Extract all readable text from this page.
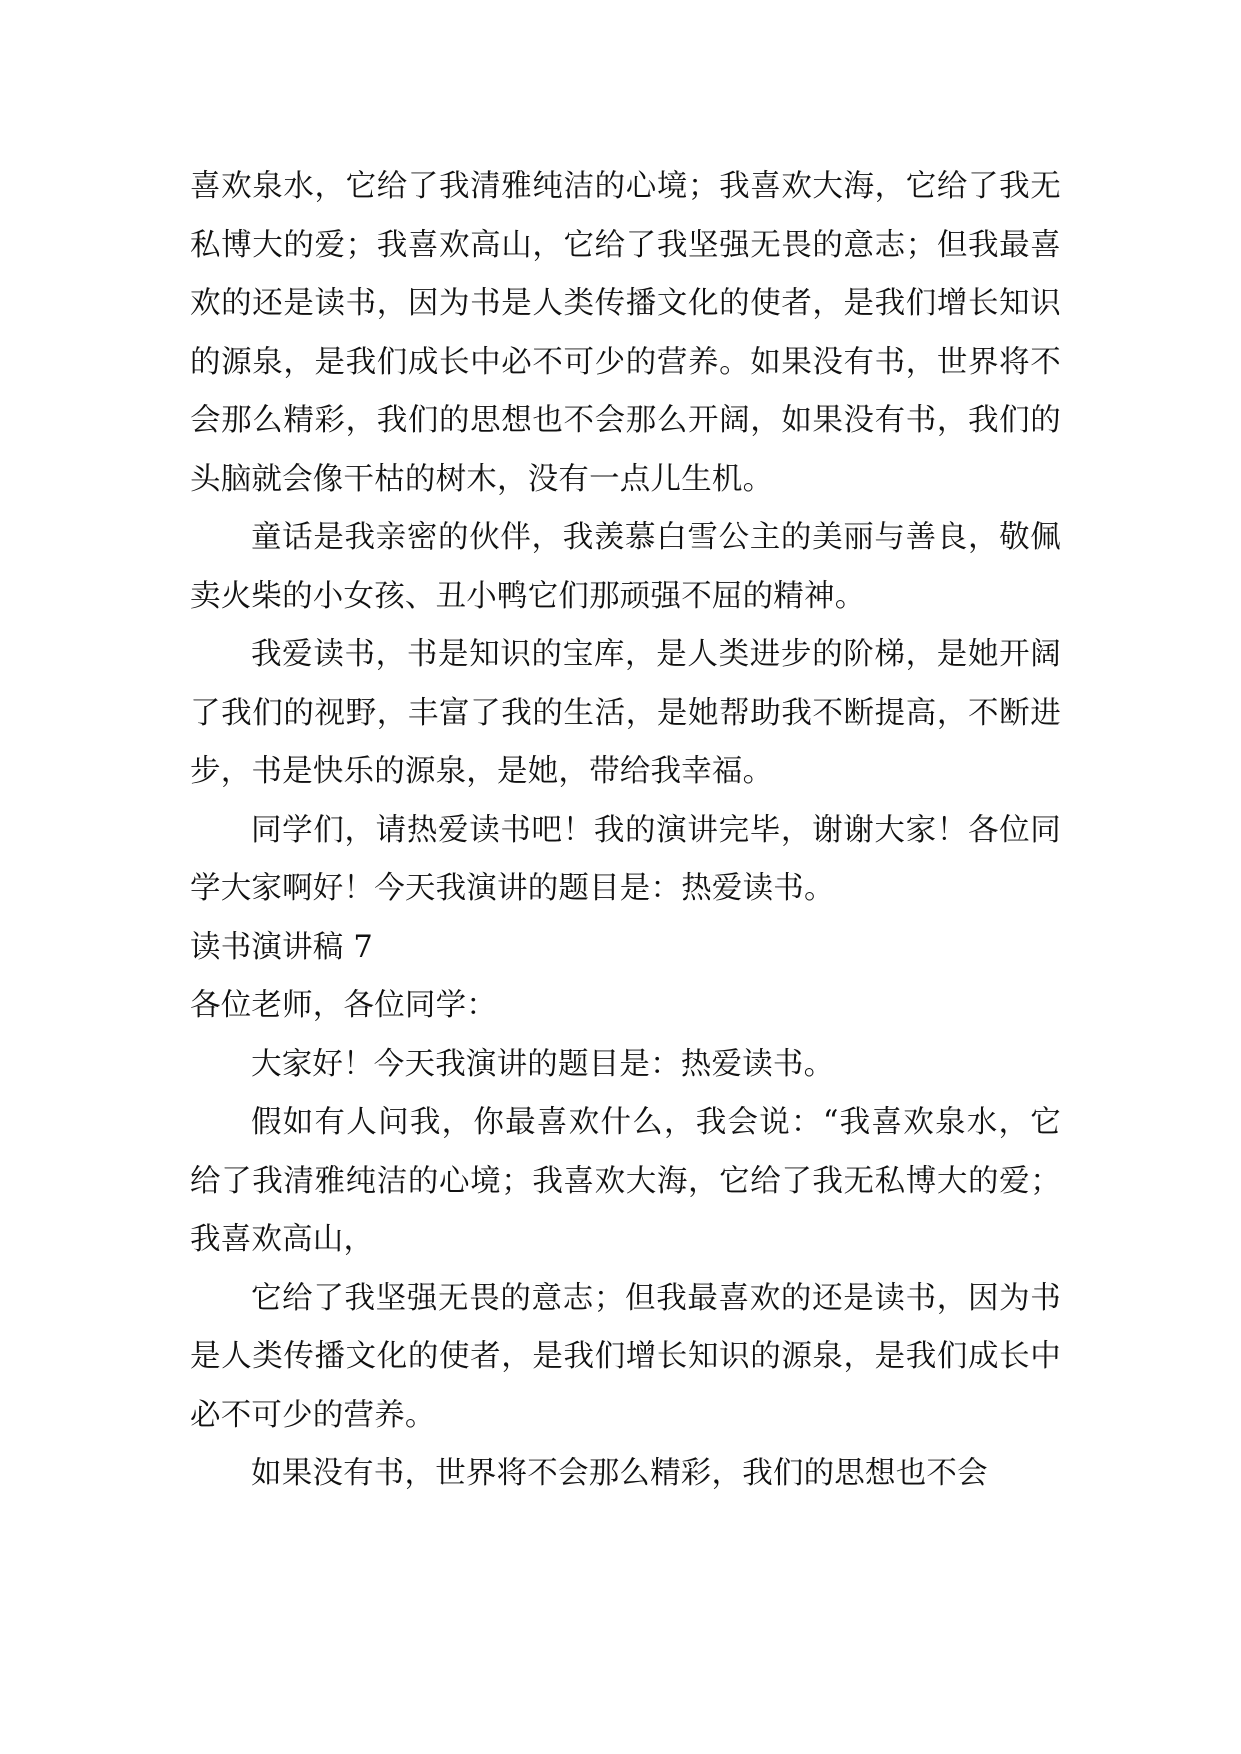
喜欢泉水，它给了我清雅纯洁的心境；我喜欢大海，它给了我无私博大的爱；我喜欢高山，它给了我坚强无畏的意志；但我最喜欢的还是读书，因为书是人类传播文化的使者，是我们增长知识的源泉，是我们成长中必不可少的营养。如果没有书，世界将不会那么精彩，我们的思想也不会那么开阔，如果没有书，我们的头脑就会像干枯的树木，没有一点儿生机。

童话是我亲密的伙伴，我羡慕白雪公主的美丽与善良，敬佩卖火柴的小女孩、丑小鸭它们那顽强不屈的精神。

我爱读书，书是知识的宝库，是人类进步的阶梯，是她开阔了我们的视野，丰富了我的生活，是她帮助我不断提高，不断进步，书是快乐的源泉，是她，带给我幸福。

同学们，请热爱读书吧！我的演讲完毕，谢谢大家！各位同学大家啊好！今天我演讲的题目是：热爱读书。

读书演讲稿 7

各位老师，各位同学：

大家好！今天我演讲的题目是：热爱读书。

假如有人问我，你最喜欢什么，我会说：“我喜欢泉水，它给了我清雅纯洁的心境；我喜欢大海，它给了我无私博大的爱；我喜欢高山，

它给了我坚强无畏的意志；但我最喜欢的还是读书，因为书是人类传播文化的使者，是我们增长知识的源泉，是我们成长中必不可少的营养。

如果没有书，世界将不会那么精彩，我们的思想也不会
